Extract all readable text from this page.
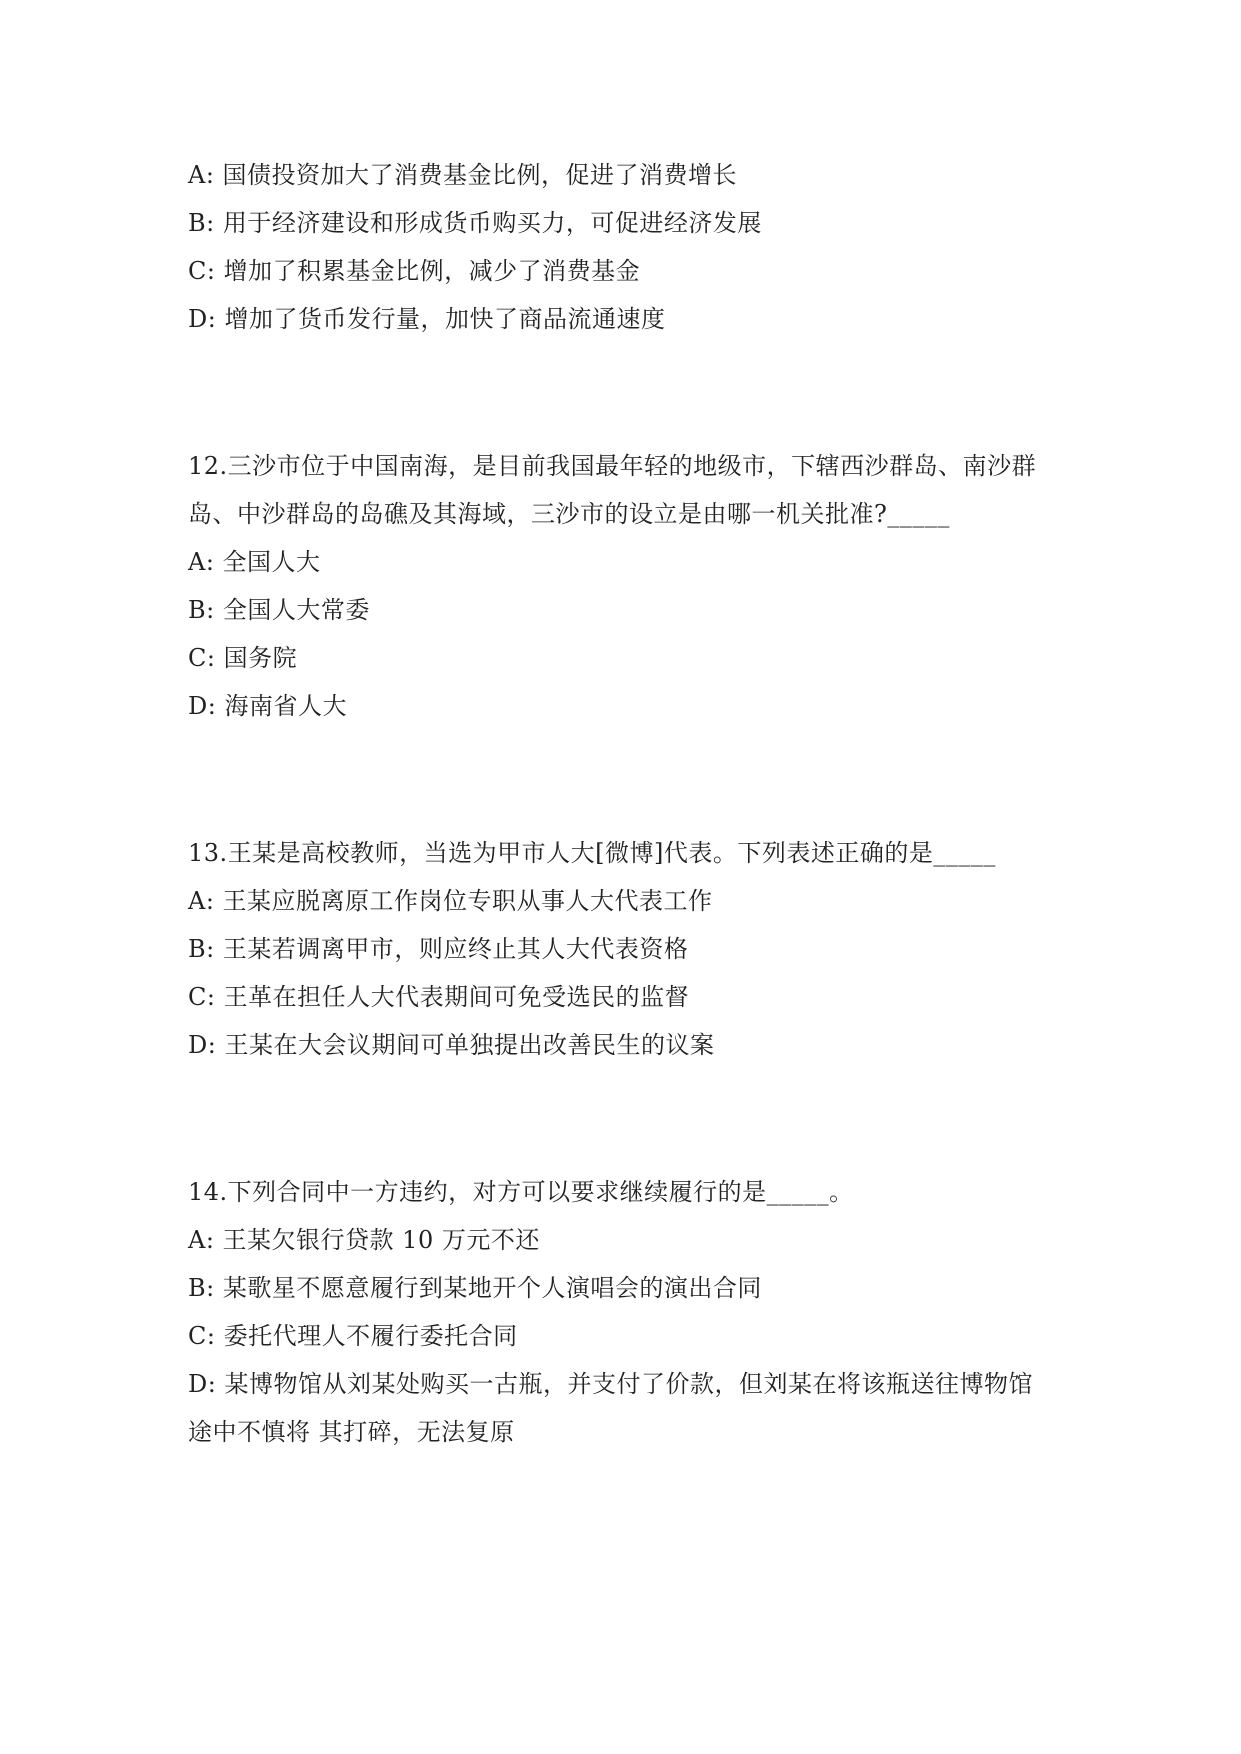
A: 国债投资加大了消费基金比例，促进了消费增长
B: 用于经济建设和形成货币购买力，可促进经济发展
C: 增加了积累基金比例，减少了消费基金
D: 增加了货币发行量，加快了商品流通速度
12.三沙市位于中国南海，是目前我国最年轻的地级市，下辖西沙群岛、南沙群
岛、中沙群岛的岛礁及其海域，三沙市的设立是由哪一机关批准?_____
A: 全国人大
B: 全国人大常委
C: 国务院
D: 海南省人大
13.王某是高校教师，当选为甲市人大[微博]代表。下列表述正确的是_____
A: 王某应脱离原工作岗位专职从事人大代表工作
B: 王某若调离甲市，则应终止其人大代表资格
C: 王革在担任人大代表期间可免受选民的监督
D: 王某在大会议期间可单独提出改善民生的议案
14.下列合同中一方违约，对方可以要求继续履行的是_____。
A: 王某欠银行贷款 10 万元不还
B: 某歌星不愿意履行到某地开个人演唱会的演出合同
C: 委托代理人不履行委托合同
D: 某博物馆从刘某处购买一古瓶，并支付了价款，但刘某在将该瓶送往博物馆
途中不慎将 其打碎，无法复原
